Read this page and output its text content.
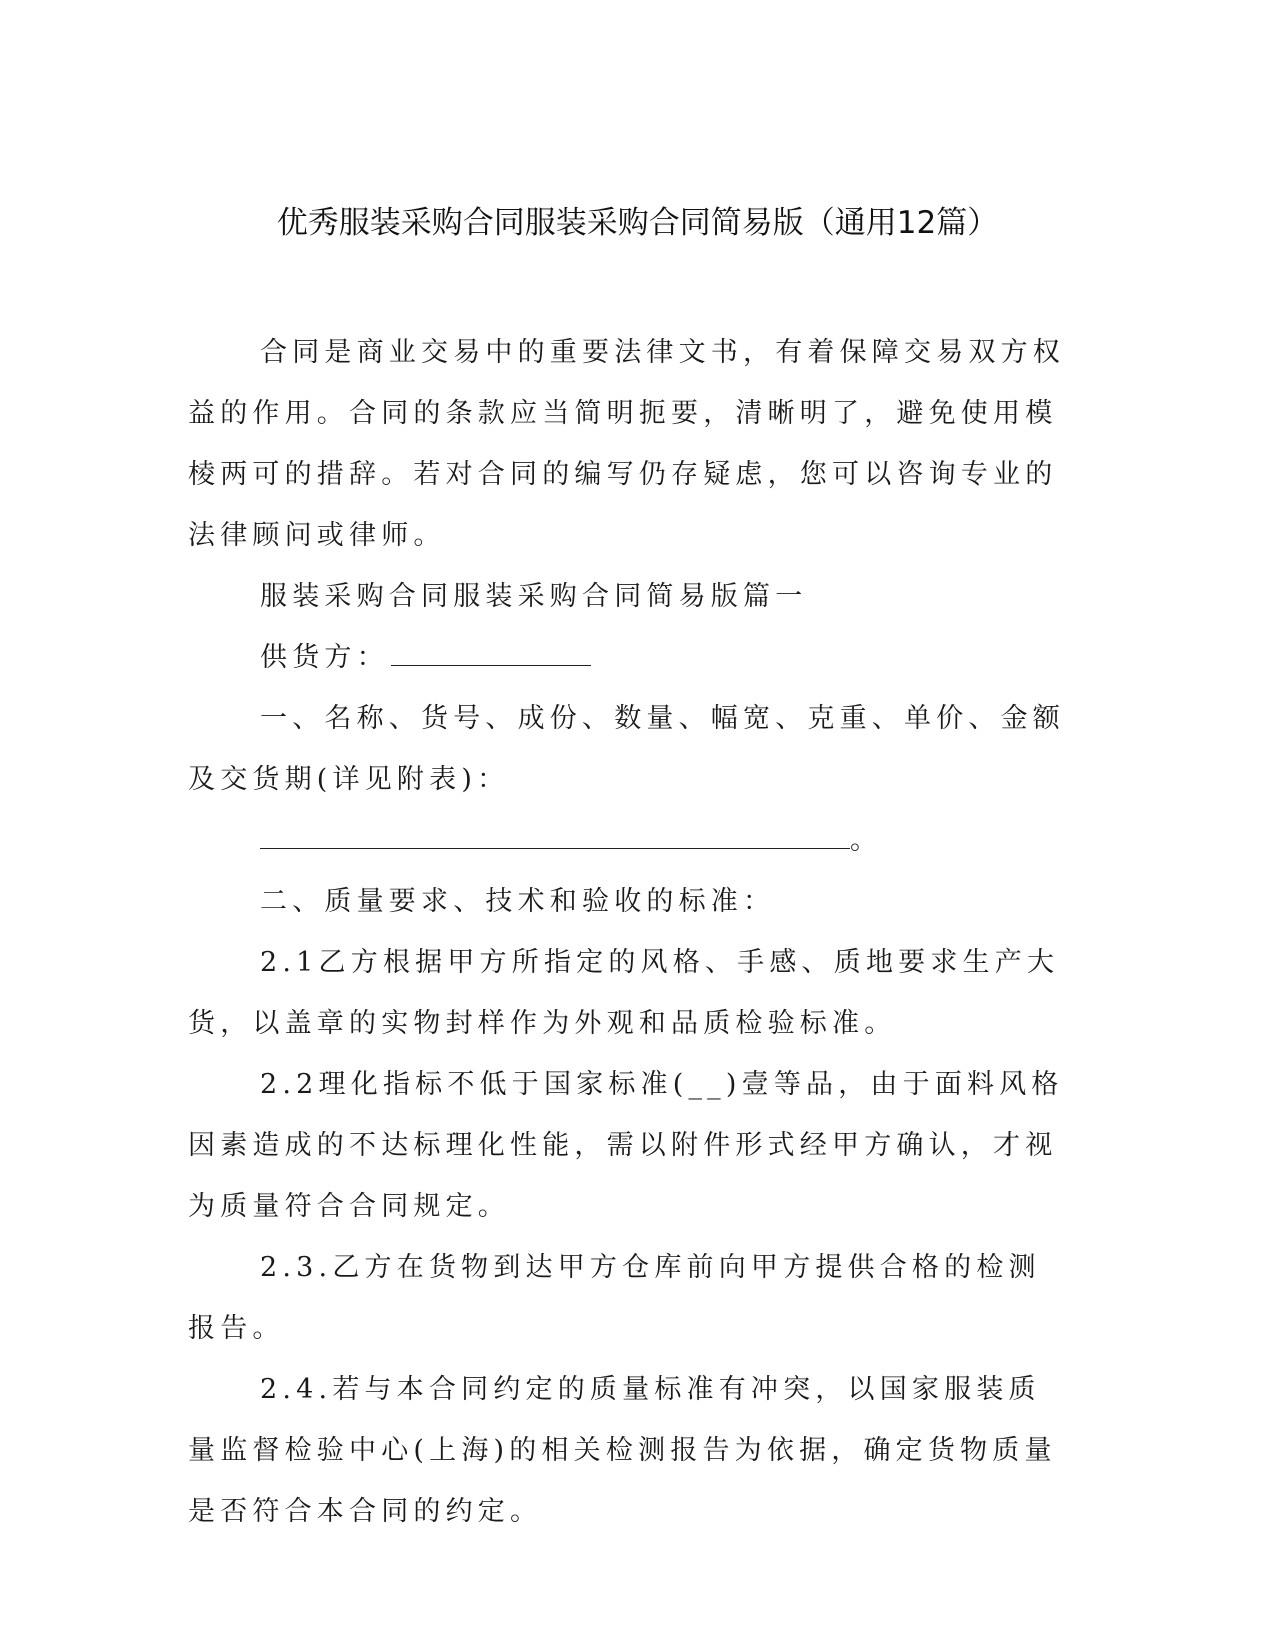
优秀服装采购合同服装采购合同简易版（通用12篇）

合同是商业交易中的重要法律文书，有着保障交易双方权益的作用。合同的条款应当简明扼要，清晰明了，避免使用模棱两可的措辞。若对合同的编写仍存疑虑，您可以咨询专业的法律顾问或律师。

服装采购合同服装采购合同简易版篇一

供货方：

一、名称、货号、成份、数量、幅宽、克重、单价、金额及交货期(详见附表)：

。

二、质量要求、技术和验收的标准：

2.1乙方根据甲方所指定的风格、手感、质地要求生产大货，以盖章的实物封样作为外观和品质检验标准。

2.2理化指标不低于国家标准(__)壹等品，由于面料风格因素造成的不达标理化性能，需以附件形式经甲方确认，才视为质量符合合同规定。

2.3.乙方在货物到达甲方仓库前向甲方提供合格的检测报告。

2.4.若与本合同约定的质量标准有冲突，以国家服装质量监督检验中心(上海)的相关检测报告为依据，确定货物质量是否符合本合同的约定。
